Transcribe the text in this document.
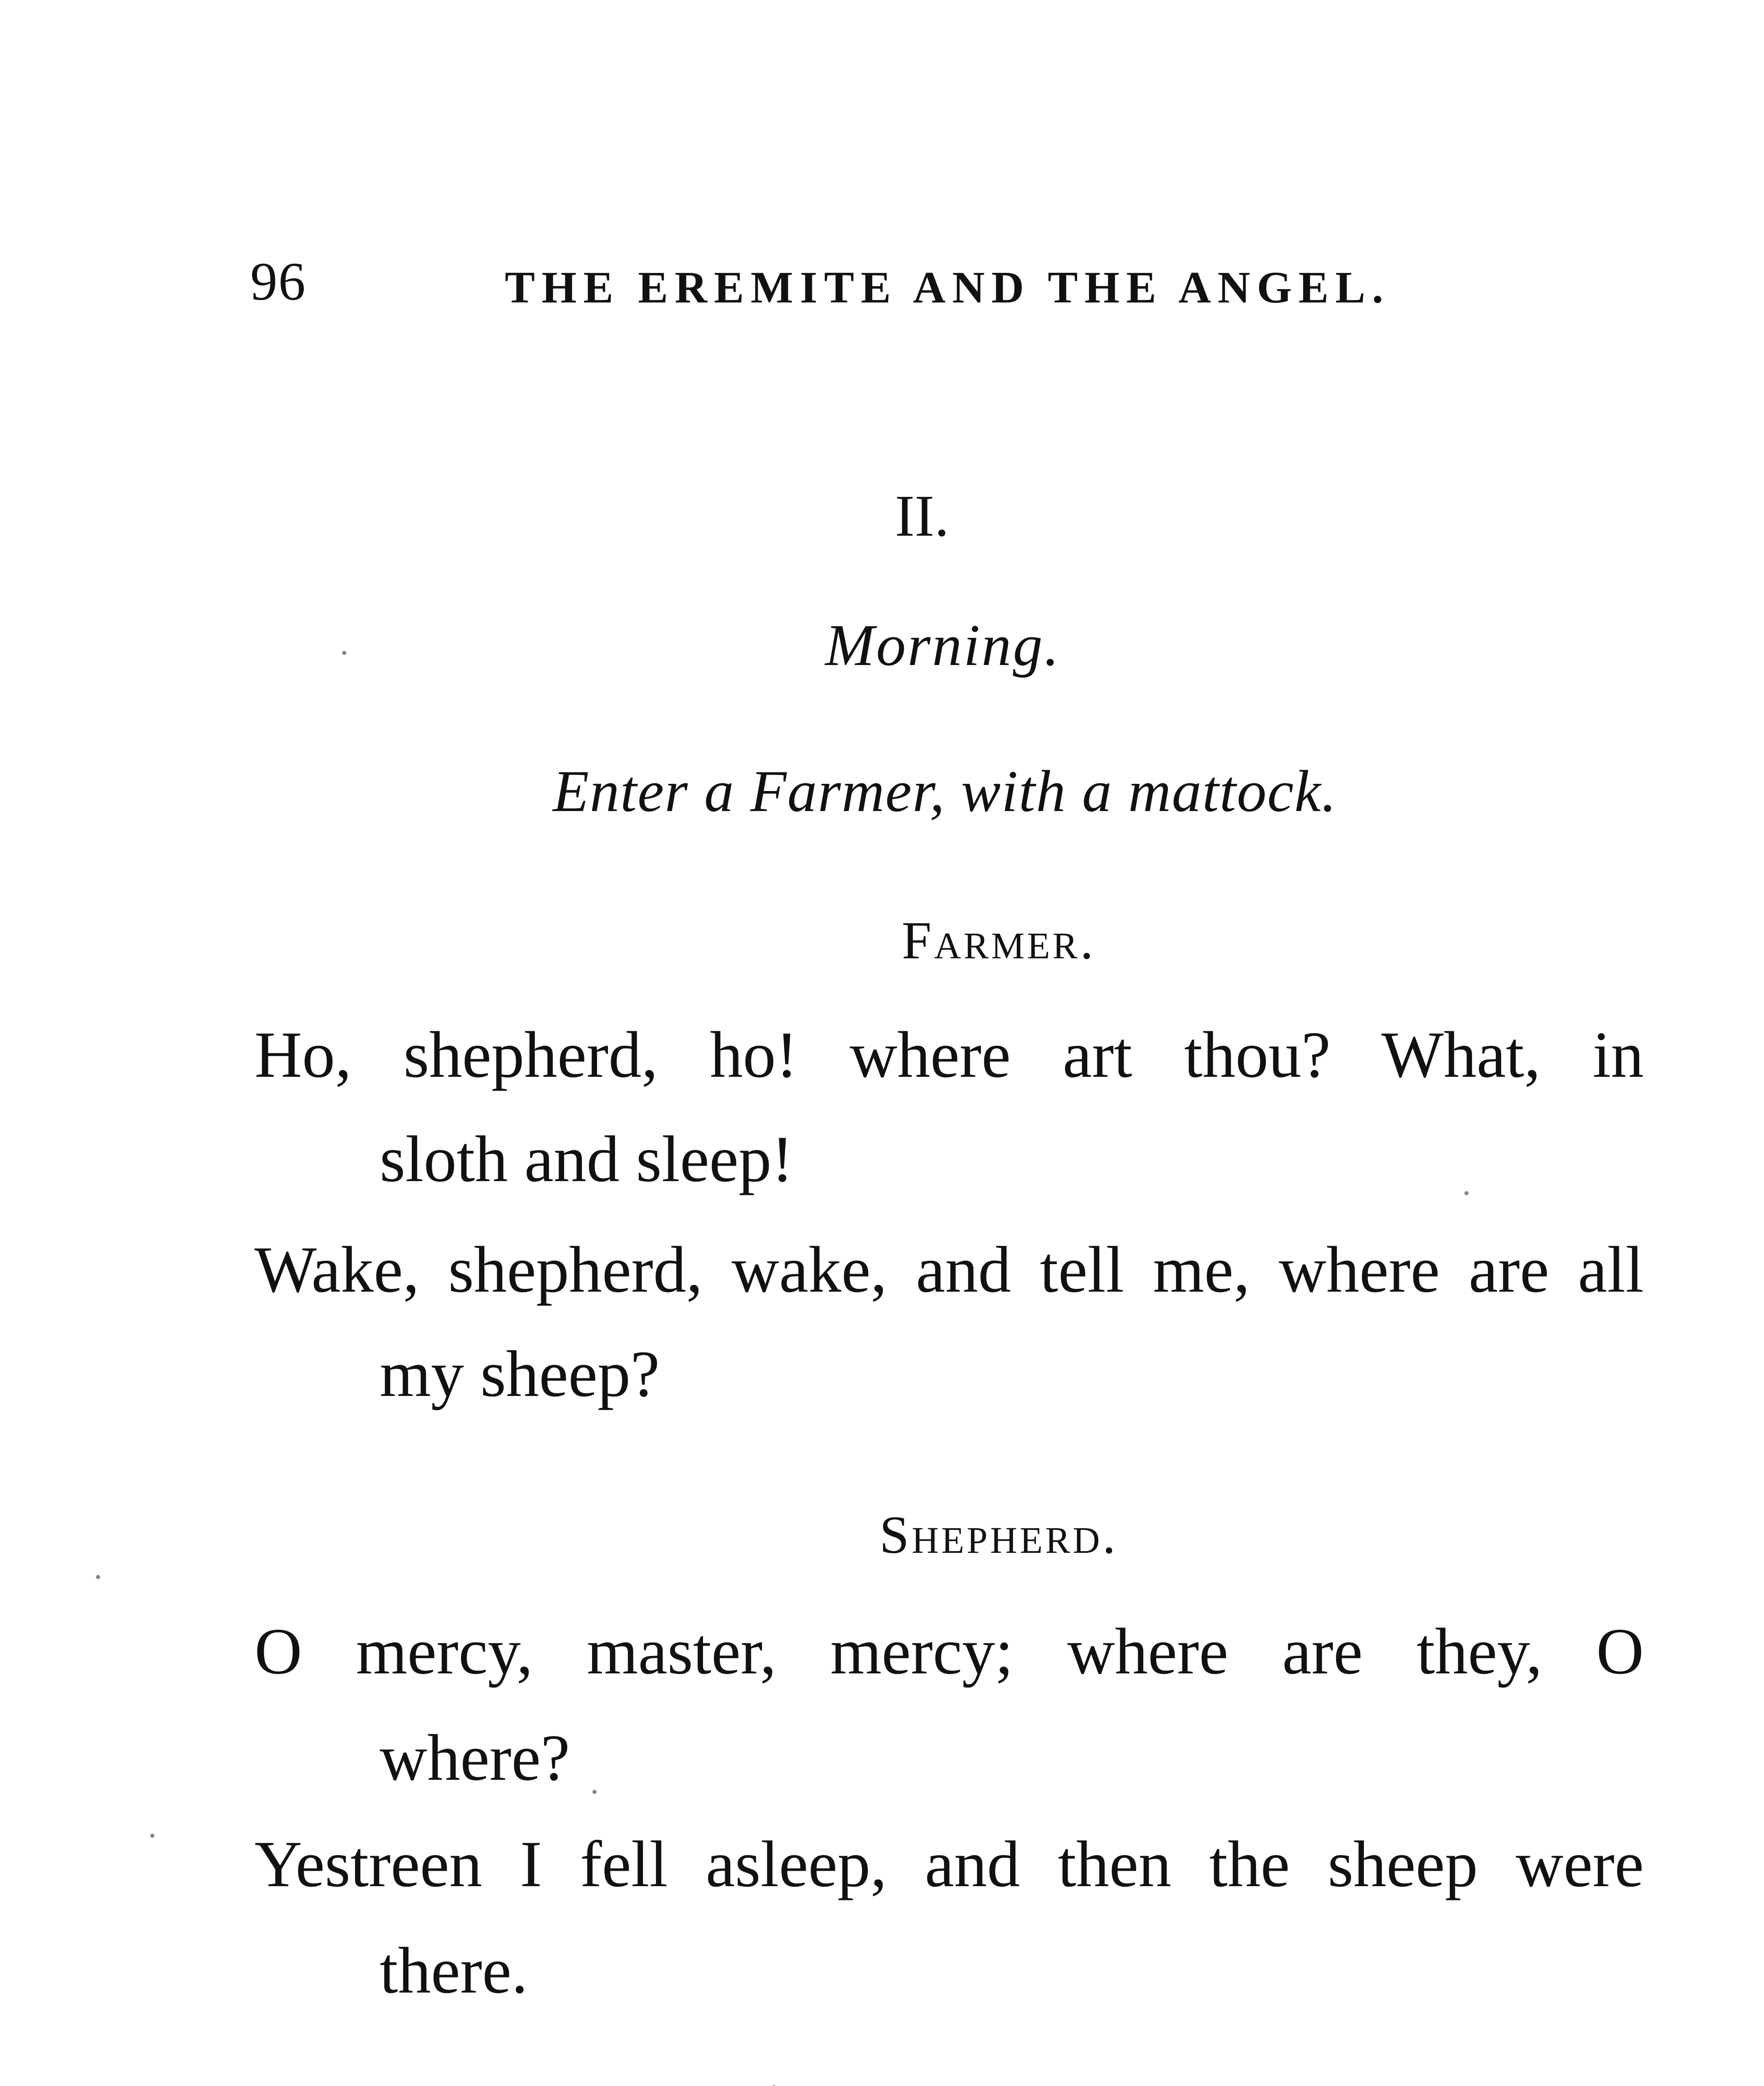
96	THE EREMITE AND THE ANGEL.
II.
Morning.
Enter a Farmer, with a mattock.
Farmer.
Ho, shepherd, ho! where art thou? What, in
sloth and sleep!
Wake, shepherd, wake, and tell me, where are all
my sheep?
Shepherd.
O mercy, master, mercy; where are they, O
where?
Yestreen I fell asleep, and then the sheep were
there.
